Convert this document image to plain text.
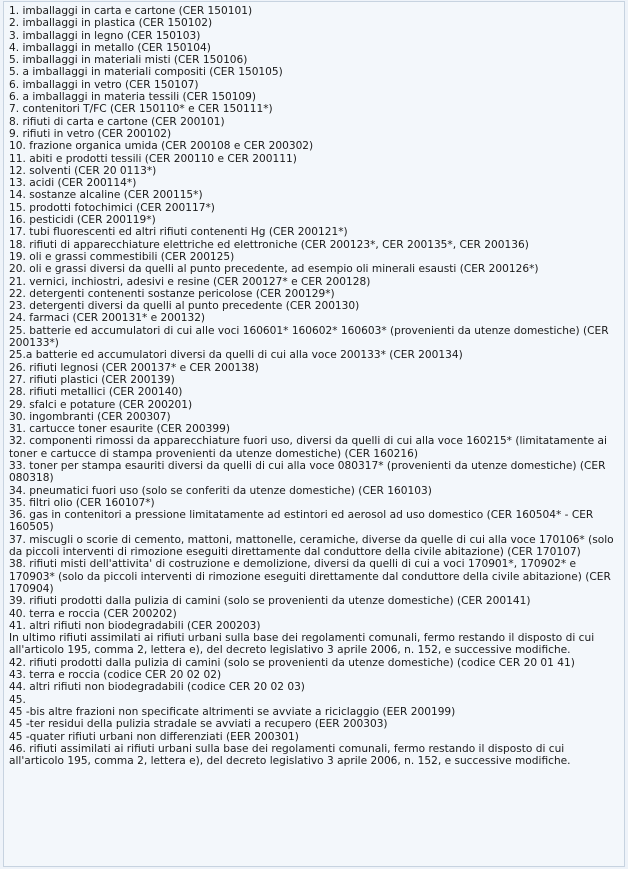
1. imballaggi in carta e cartone (CER 150101)
2. imballaggi in plastica (CER 150102)
3. imballaggi in legno (CER 150103)
4. imballaggi in metallo (CER 150104)
5. imballaggi in materiali misti (CER 150106)
5. a imballaggi in materiali compositi (CER 150105)
6. imballaggi in vetro (CER 150107)
6. a imballaggi in materia tessili (CER 150109)
7. contenitori T/FC (CER 150110* e CER 150111*)
8. rifiuti di carta e cartone (CER 200101)
9. rifiuti in vetro (CER 200102)
10. frazione organica umida (CER 200108 e CER 200302)
11. abiti e prodotti tessili (CER 200110 e CER 200111)
12. solventi (CER 20 0113*)
13. acidi (CER 200114*)
14. sostanze alcaline (CER 200115*)
15. prodotti fotochimici (CER 200117*)
16. pesticidi (CER 200119*)
17. tubi fluorescenti ed altri rifiuti contenenti Hg (CER 200121*)
18. rifiuti di apparecchiature elettriche ed elettroniche (CER 200123*, CER 200135*, CER 200136)
19. oli e grassi commestibili (CER 200125)
20. oli e grassi diversi da quelli al punto precedente, ad esempio oli minerali esausti (CER 200126*)
21. vernici, inchiostri, adesivi e resine (CER 200127* e CER 200128)
22. detergenti contenenti sostanze pericolose (CER 200129*)
23. detergenti diversi da quelli al punto precedente (CER 200130)
24. farmaci (CER 200131* e 200132)
25. batterie ed accumulatori di cui alle voci 160601* 160602* 160603* (provenienti da utenze domestiche) (CER 200133*)
25.a batterie ed accumulatori diversi da quelli di cui alla voce 200133* (CER 200134)
26. rifiuti legnosi (CER 200137* e CER 200138)
27. rifiuti plastici (CER 200139)
28. rifiuti metallici (CER 200140)
29. sfalci e potature (CER 200201)
30. ingombranti (CER 200307)
31. cartucce toner esaurite (CER 200399)
32. componenti rimossi da apparecchiature fuori uso, diversi da quelli di cui alla voce 160215* (limitatamente ai toner e cartucce di stampa provenienti da utenze domestiche) (CER 160216)
33. toner per stampa esauriti diversi da quelli di cui alla voce 080317* (provenienti da utenze domestiche) (CER 080318)
34. pneumatici fuori uso (solo se conferiti da utenze domestiche) (CER 160103)
35. filtri olio (CER 160107*)
36. gas in contenitori a pressione limitatamente ad estintori ed aerosol ad uso domestico (CER 160504* - CER 160505)
37. miscugli o scorie di cemento, mattoni, mattonelle, ceramiche, diverse da quelle di cui alla voce 170106* (solo da piccoli interventi di rimozione eseguiti direttamente dal conduttore della civile abitazione) (CER 170107)
38. rifiuti misti dell'attivita' di costruzione e demolizione, diversi da quelli di cui a voci 170901*, 170902* e 170903* (solo da piccoli interventi di rimozione eseguiti direttamente dal conduttore della civile abitazione) (CER 170904)
39. rifiuti prodotti dalla pulizia di camini (solo se provenienti da utenze domestiche) (CER 200141)
40. terra e roccia (CER 200202)
41. altri rifiuti non biodegradabili (CER 200203)
In ultimo rifiuti assimilati ai rifiuti urbani sulla base dei regolamenti comunali, fermo restando il disposto di cui all'articolo 195, comma 2, lettera e), del decreto legislativo 3 aprile 2006, n. 152, e successive modifiche.
42. rifiuti prodotti dalla pulizia di camini (solo se provenienti da utenze domestiche) (codice CER 20 01 41)
43. terra e roccia (codice CER 20 02 02)
44. altri rifiuti non biodegradabili (codice CER 20 02 03)
45.
45 -bis altre frazioni non specificate altrimenti se avviate a riciclaggio (EER 200199)
45 -ter residui della pulizia stradale se avviati a recupero (EER 200303)
45 -quater rifiuti urbani non differenziati (EER 200301)
46. rifiuti assimilati ai rifiuti urbani sulla base dei regolamenti comunali, fermo restando il disposto di cui all'articolo 195, comma 2, lettera e), del decreto legislativo 3 aprile 2006, n. 152, e successive modifiche.
